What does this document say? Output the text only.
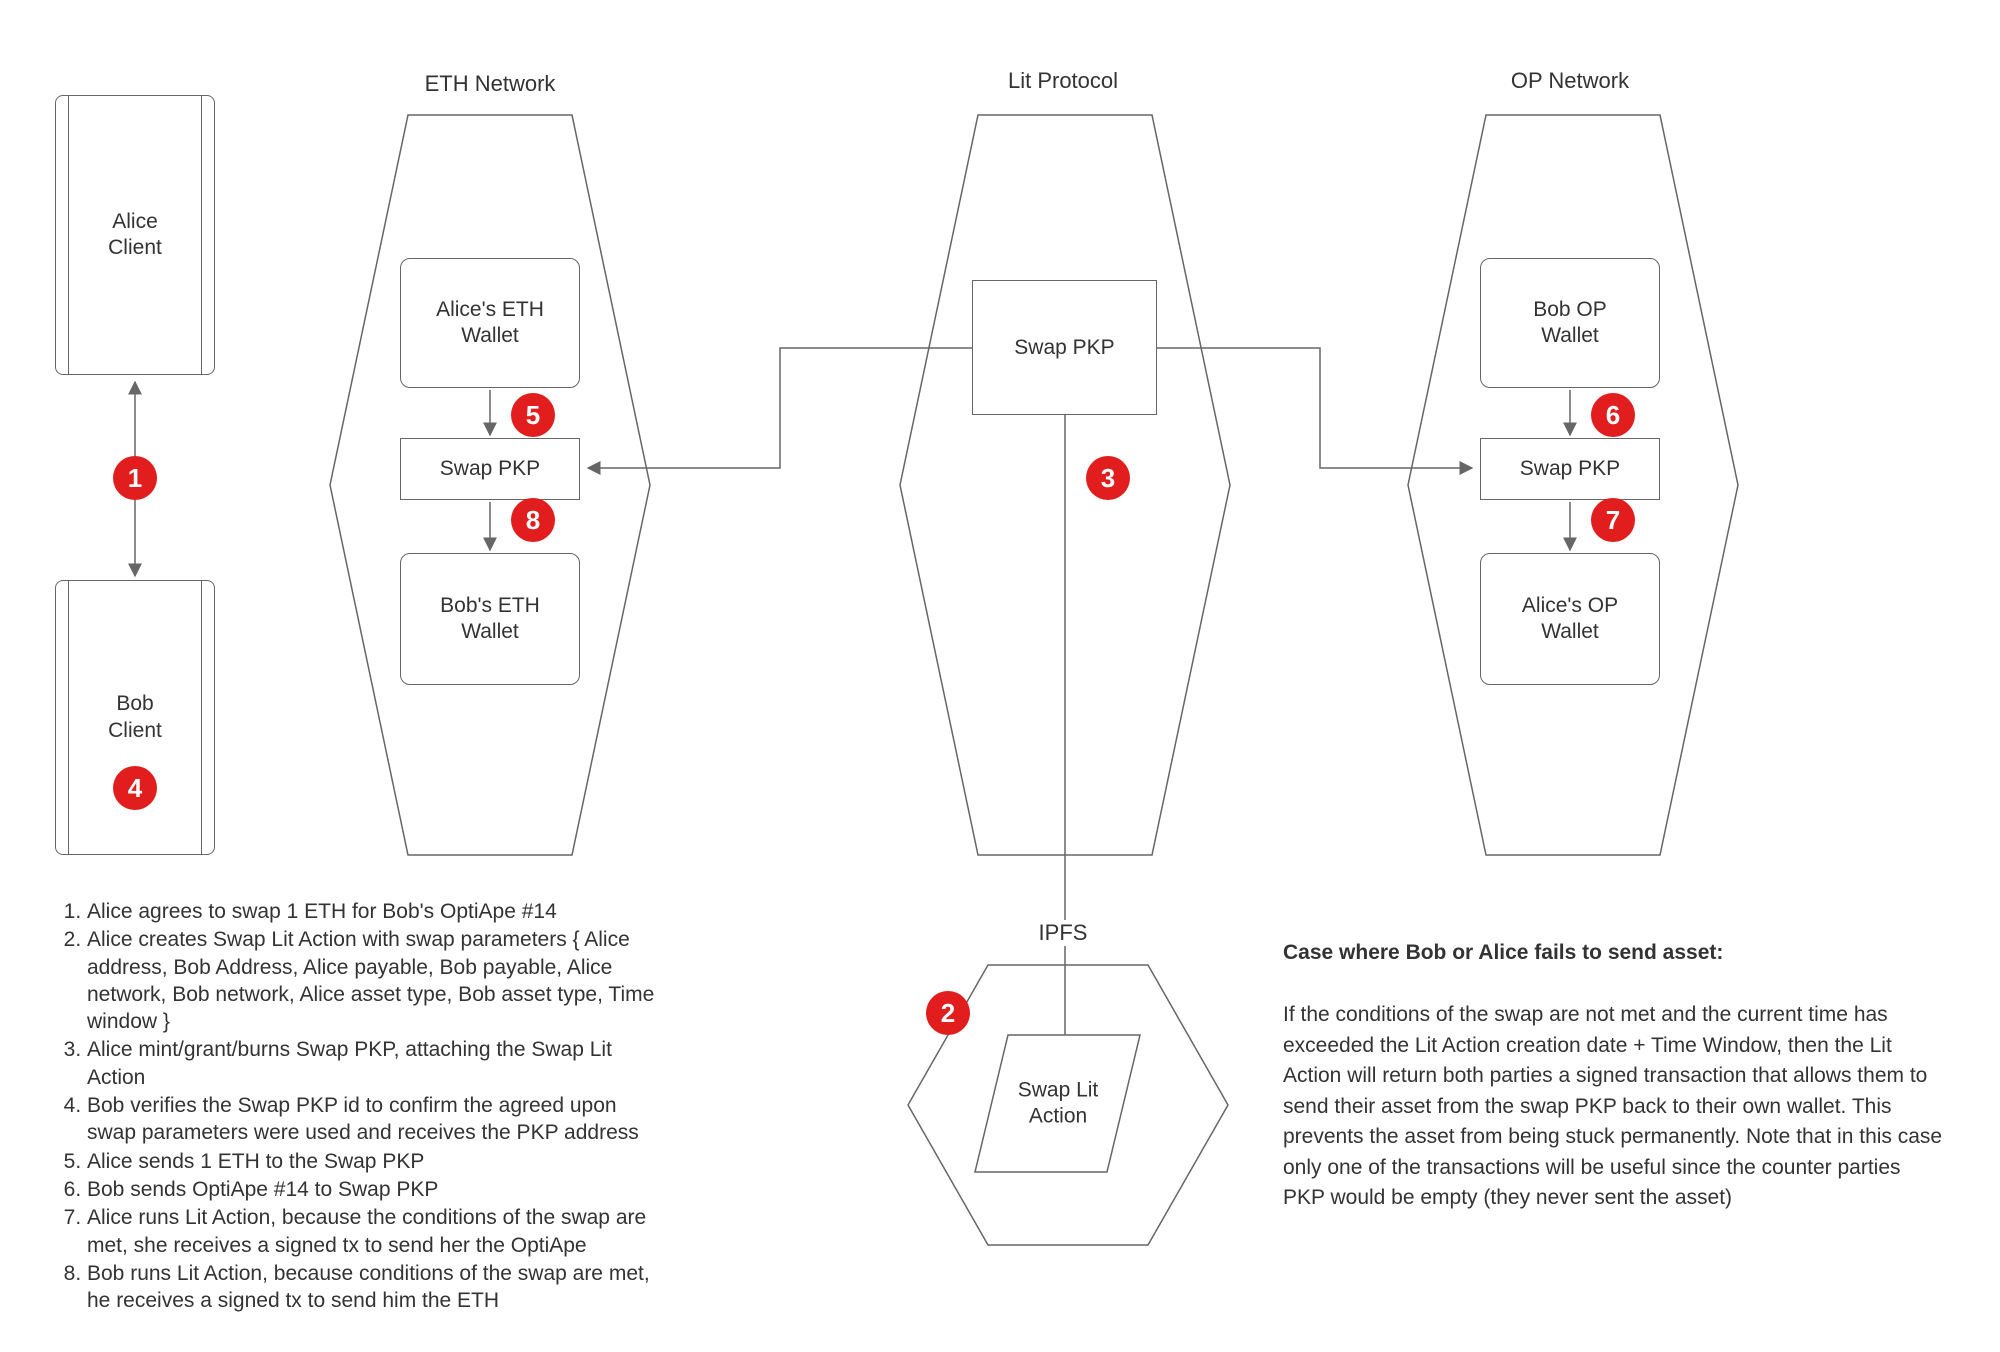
ETH Network	Lit Protocol	OP Network
IPFS
Alice Client
Bob Client
Alice's ETH Wallet
Swap PKP
Bob's ETH Wallet
Swap PKP
Bob OP Wallet
Swap PKP
Alice's OP Wallet
Swap Lit Action
1
2
3
4
5	6
7
8
1. Alice agrees to swap 1 ETH for Bob's OptiApe #14
2. Alice creates Swap Lit Action with swap parameters { Alice address, Bob Address, Alice payable, Bob payable, Alice network, Bob network, Alice asset type, Bob asset type, Time window }
3. Alice mint/grant/burns Swap PKP, attaching the Swap Lit Action
4. Bob verifies the Swap PKP id to confirm the agreed upon swap parameters were used and receives the PKP address
5. Alice sends 1 ETH to the Swap PKP
6. Bob sends OptiApe #14 to Swap PKP
7. Alice runs Lit Action, because the conditions of the swap are met, she receives a signed tx to send her the OptiApe
8. Bob runs Lit Action, because conditions of the swap are met, he receives a signed tx to send him the ETH
Case where Bob or Alice fails to send asset:
If the conditions of the swap are not met and the current time has exceeded the Lit Action creation date + Time Window, then the Lit Action will return both parties a signed transaction that allows them to send their asset from the swap PKP back to their own wallet. This prevents the asset from being stuck permanently. Note that in this case only one of the transactions will be useful since the counter parties PKP would be empty (they never sent the asset)
